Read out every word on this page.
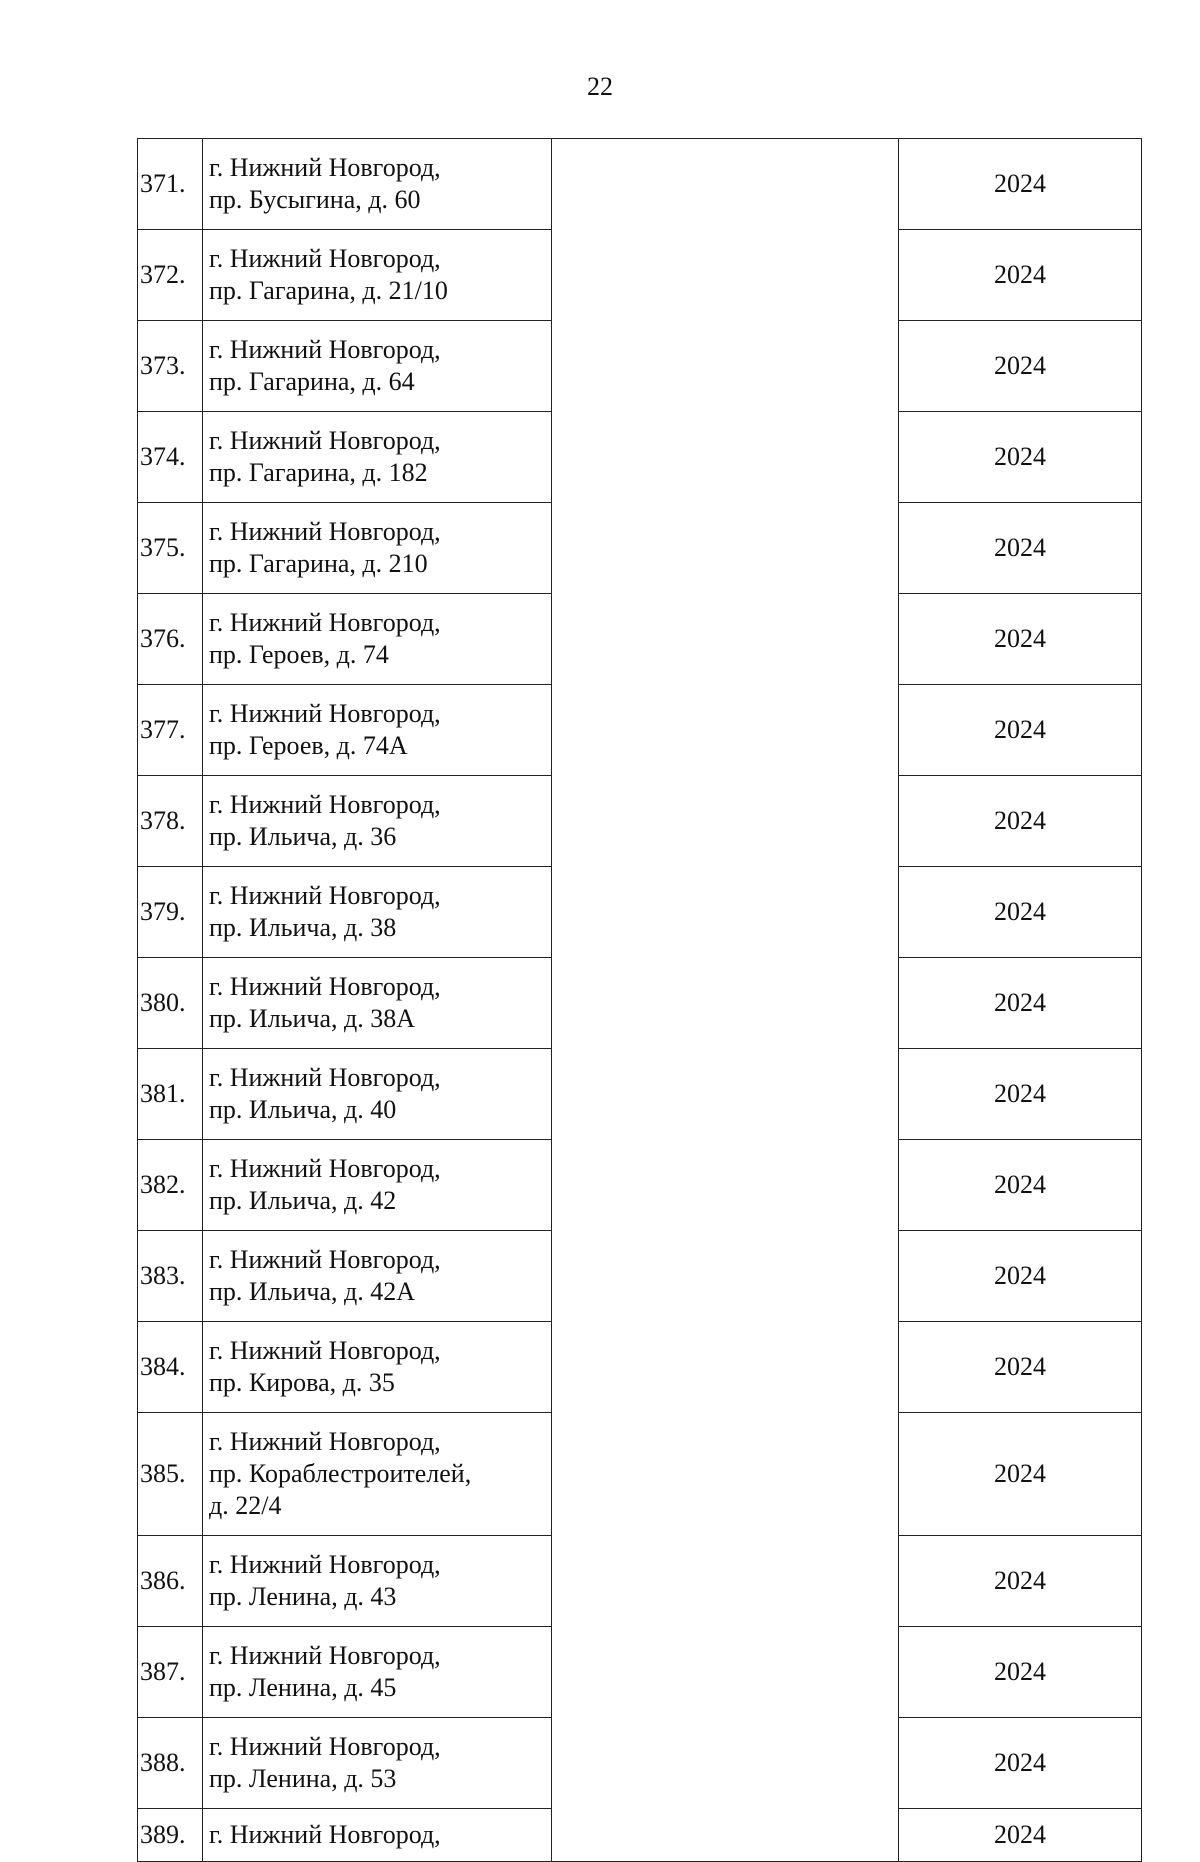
22
371.	г. Нижний Новгород,
пр. Бусыгина, д. 60		2024
372.	г. Нижний Новгород,
пр. Гагарина, д. 21/10		2024
373.	г. Нижний Новгород,
пр. Гагарина, д. 64		2024
374.	г. Нижний Новгород,
пр. Гагарина, д. 182		2024
375.	г. Нижний Новгород,
пр. Гагарина, д. 210		2024
376.	г. Нижний Новгород,
пр. Героев, д. 74		2024
377.	г. Нижний Новгород,
пр. Героев, д. 74А		2024
378.	г. Нижний Новгород,
пр. Ильича, д. 36		2024
379.	г. Нижний Новгород,
пр. Ильича, д. 38		2024
380.	г. Нижний Новгород,
пр. Ильича, д. 38А		2024
381.	г. Нижний Новгород,
пр. Ильича, д. 40		2024
382.	г. Нижний Новгород,
пр. Ильича, д. 42		2024
383.	г. Нижний Новгород,
пр. Ильича, д. 42А		2024
384.	г. Нижний Новгород,
пр. Кирова, д. 35		2024
385.	г. Нижний Новгород,
пр. Кораблестроителей,
д. 22/4		2024
386.	г. Нижний Новгород,
пр. Ленина, д. 43		2024
387.	г. Нижний Новгород,
пр. Ленина, д. 45		2024
388.	г. Нижний Новгород,
пр. Ленина, д. 53		2024
389.	г. Нижний Новгород,		2024
